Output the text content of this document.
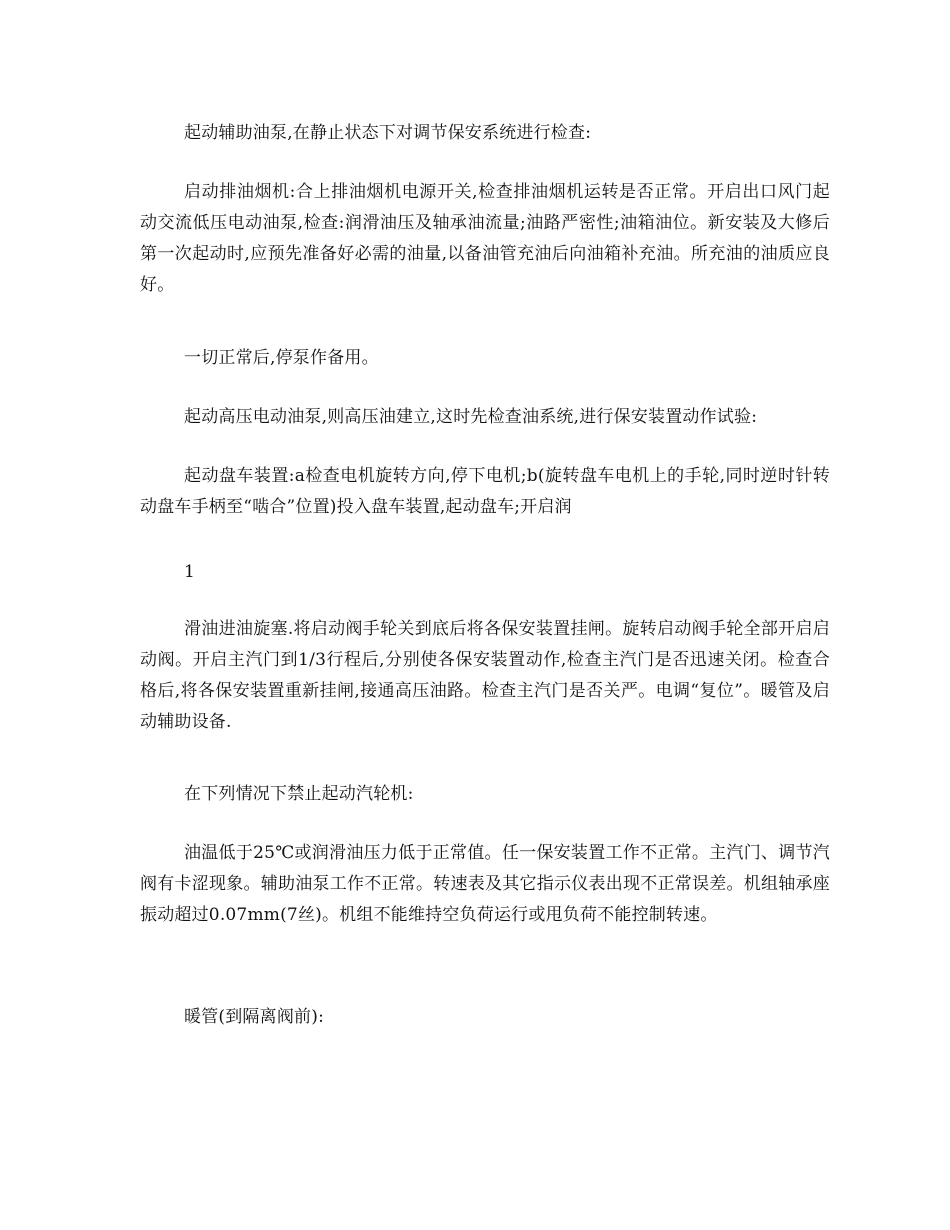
起动辅助油泵,在静止状态下对调节保安系统进行检查:

启动排油烟机:合上排油烟机电源开关,检查排油烟机运转是否正常。开启出口风门起动交流低压电动油泵,检查:润滑油压及轴承油流量;油路严密性;油箱油位。新安装及大修后第一次起动时,应预先准备好必需的油量,以备油管充油后向油箱补充油。所充油的油质应良好。

一切正常后,停泵作备用。

起动高压电动油泵,则高压油建立,这时先检查油系统,进行保安装置动作试验:

起动盘车装置:a检查电机旋转方向,停下电机;b(旋转盘车电机上的手轮,同时逆时针转动盘车手柄至“啮合”位置)投入盘车装置,起动盘车;开启润

1

滑油进油旋塞.将启动阀手轮关到底后将各保安装置挂闸。旋转启动阀手轮全部开启启动阀。开启主汽门到1/3行程后,分别使各保安装置动作,检查主汽门是否迅速关闭。检查合格后,将各保安装置重新挂闸,接通高压油路。检查主汽门是否关严。电调“复位”。暖管及启动辅助设备.

在下列情况下禁止起动汽轮机:

油温低于25℃或润滑油压力低于正常值。任一保安装置工作不正常。主汽门、调节汽阀有卡涩现象。辅助油泵工作不正常。转速表及其它指示仪表出现不正常误差。机组轴承座振动超过0.07mm(7丝)。机组不能维持空负荷运行或甩负荷不能控制转速。

暖管(到隔离阀前):
